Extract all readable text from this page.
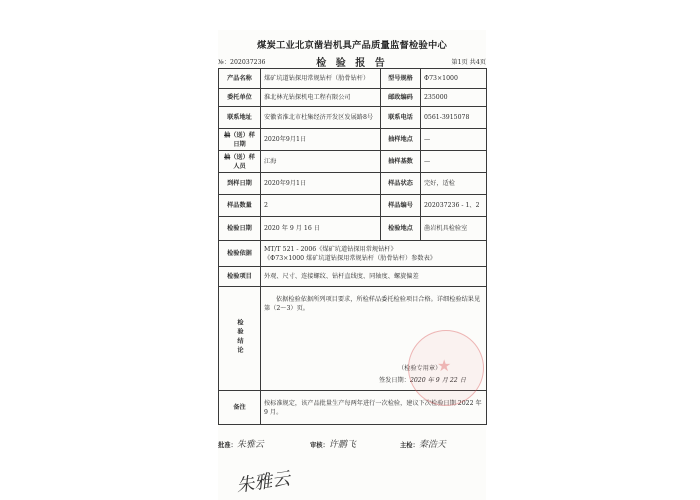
煤炭工业北京凿岩机具产品质量监督检验中心
№：202037236	检 验 报 告	第1页 共4页
产品名称	煤矿坑道钻探用常规钻杆（肋骨钻杆）	型号规格	Φ73×1000
委托单位	淮北林光钻探机电工程有限公司	邮政编码	235000
联系地址	安徽省淮北市杜集经济开发区发展路8号	联系电话	0561-3915078
抽（送）样日期	2020年9月1日	抽样地点	—
抽（送）样人员	江海	抽样基数	—
到样日期	2020年9月1日	样品状态	完好，适检
样品数量	2	样品编号	202037236 - 1、2
检验日期	2020 年 9 月 16 日	检验地点	凿岩机具检验室
检验依据	MT/T 521 - 2006《煤矿坑道钻探用常规钻杆》
《Φ73×1000 煤矿坑道钻探用常规钻杆（肋骨钻杆）参数表》		

检验项目	外观、尺寸、连接螺纹、钻杆直线度、同轴度、螺旋偏差		
检验结论	依据检验依据所列项目要求，所检样品委托检验项目合格。详细检验结果见第（2～3）页。
（检验专用章）
签发日期：2020 年 9 月 22 日		

备注	按标准规定，该产品批量生产每两年进行一次检验，建议下次检验日期 2022 年 9 月。		
★
批准：朱雅云	审核：许鹏飞	主检：秦浩天
朱雅云
